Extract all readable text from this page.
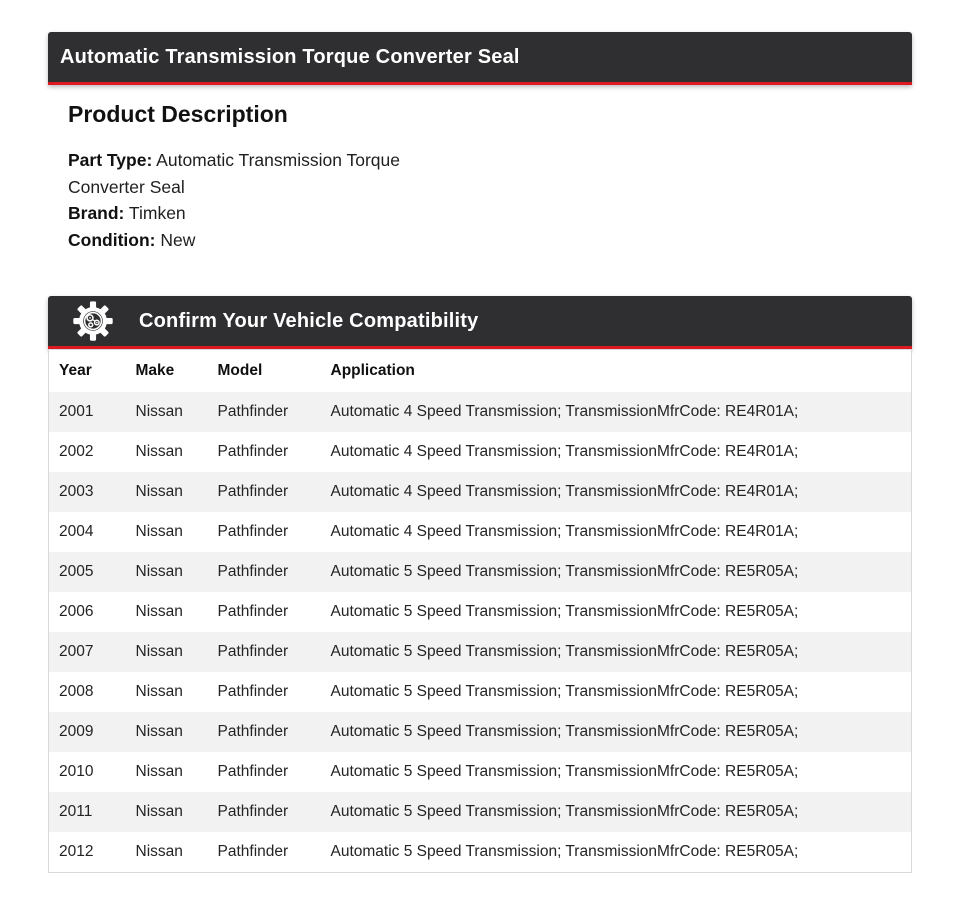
Automatic Transmission Torque Converter Seal
Product Description
Part Type: Automatic Transmission Torque Converter Seal
Brand: Timken
Condition: New
Confirm Your Vehicle Compatibility
Year	Make	Model	Application
2001	Nissan	Pathfinder	Automatic 4 Speed Transmission; TransmissionMfrCode: RE4R01A;
2002	Nissan	Pathfinder	Automatic 4 Speed Transmission; TransmissionMfrCode: RE4R01A;
2003	Nissan	Pathfinder	Automatic 4 Speed Transmission; TransmissionMfrCode: RE4R01A;
2004	Nissan	Pathfinder	Automatic 4 Speed Transmission; TransmissionMfrCode: RE4R01A;
2005	Nissan	Pathfinder	Automatic 5 Speed Transmission; TransmissionMfrCode: RE5R05A;
2006	Nissan	Pathfinder	Automatic 5 Speed Transmission; TransmissionMfrCode: RE5R05A;
2007	Nissan	Pathfinder	Automatic 5 Speed Transmission; TransmissionMfrCode: RE5R05A;
2008	Nissan	Pathfinder	Automatic 5 Speed Transmission; TransmissionMfrCode: RE5R05A;
2009	Nissan	Pathfinder	Automatic 5 Speed Transmission; TransmissionMfrCode: RE5R05A;
2010	Nissan	Pathfinder	Automatic 5 Speed Transmission; TransmissionMfrCode: RE5R05A;
2011	Nissan	Pathfinder	Automatic 5 Speed Transmission; TransmissionMfrCode: RE5R05A;
2012	Nissan	Pathfinder	Automatic 5 Speed Transmission; TransmissionMfrCode: RE5R05A;
